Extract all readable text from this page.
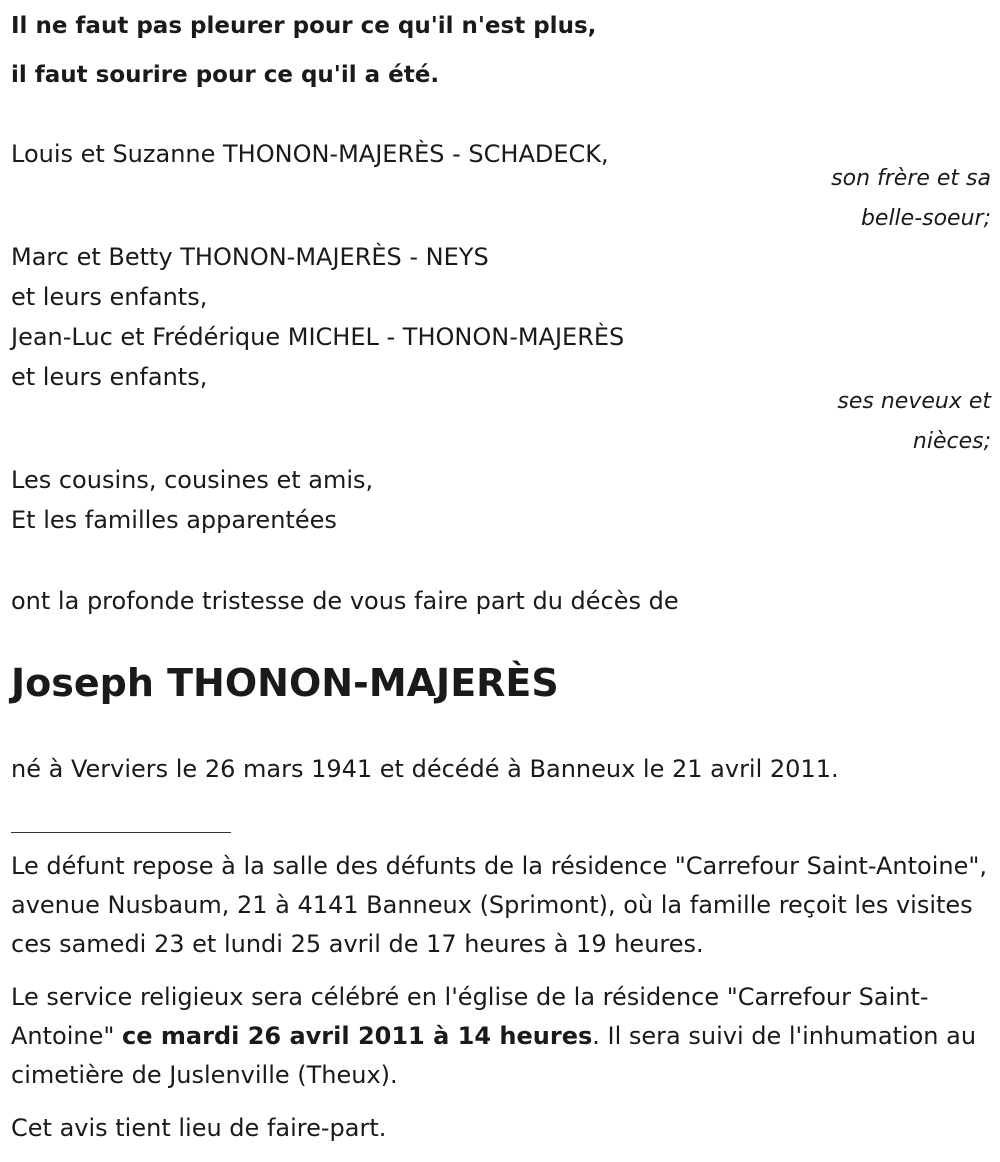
Il ne faut pas pleurer pour ce qu'il n'est plus,

il faut sourire pour ce qu'il a été.

Louis et Suzanne THONON-MAJERÈS - SCHADECK,
son frère et sa
belle-soeur;
Marc et Betty THONON-MAJERÈS - NEYS
et leurs enfants,
Jean-Luc et Frédérique MICHEL - THONON-MAJERÈS
et leurs enfants,
ses neveux et
nièces;
Les cousins, cousines et amis,
Et les familles apparentées
ont la profonde tristesse de vous faire part du décès de
Joseph THONON-MAJERÈS
né à Verviers le 26 mars 1941 et décédé à Banneux le 21 avril 2011.

Le défunt repose à la salle des défunts de la résidence "Carrefour Saint-Antoine", avenue Nusbaum, 21 à 4141 Banneux (Sprimont), où la famille reçoit les visites ces samedi 23 et lundi 25 avril de 17 heures à 19 heures.

Le service religieux sera célébré en l'église de la résidence "Carrefour Saint-Antoine" ce mardi 26 avril 2011 à 14 heures. Il sera suivi de l'inhumation au cimetière de Juslenville (Theux).

Cet avis tient lieu de faire-part.
